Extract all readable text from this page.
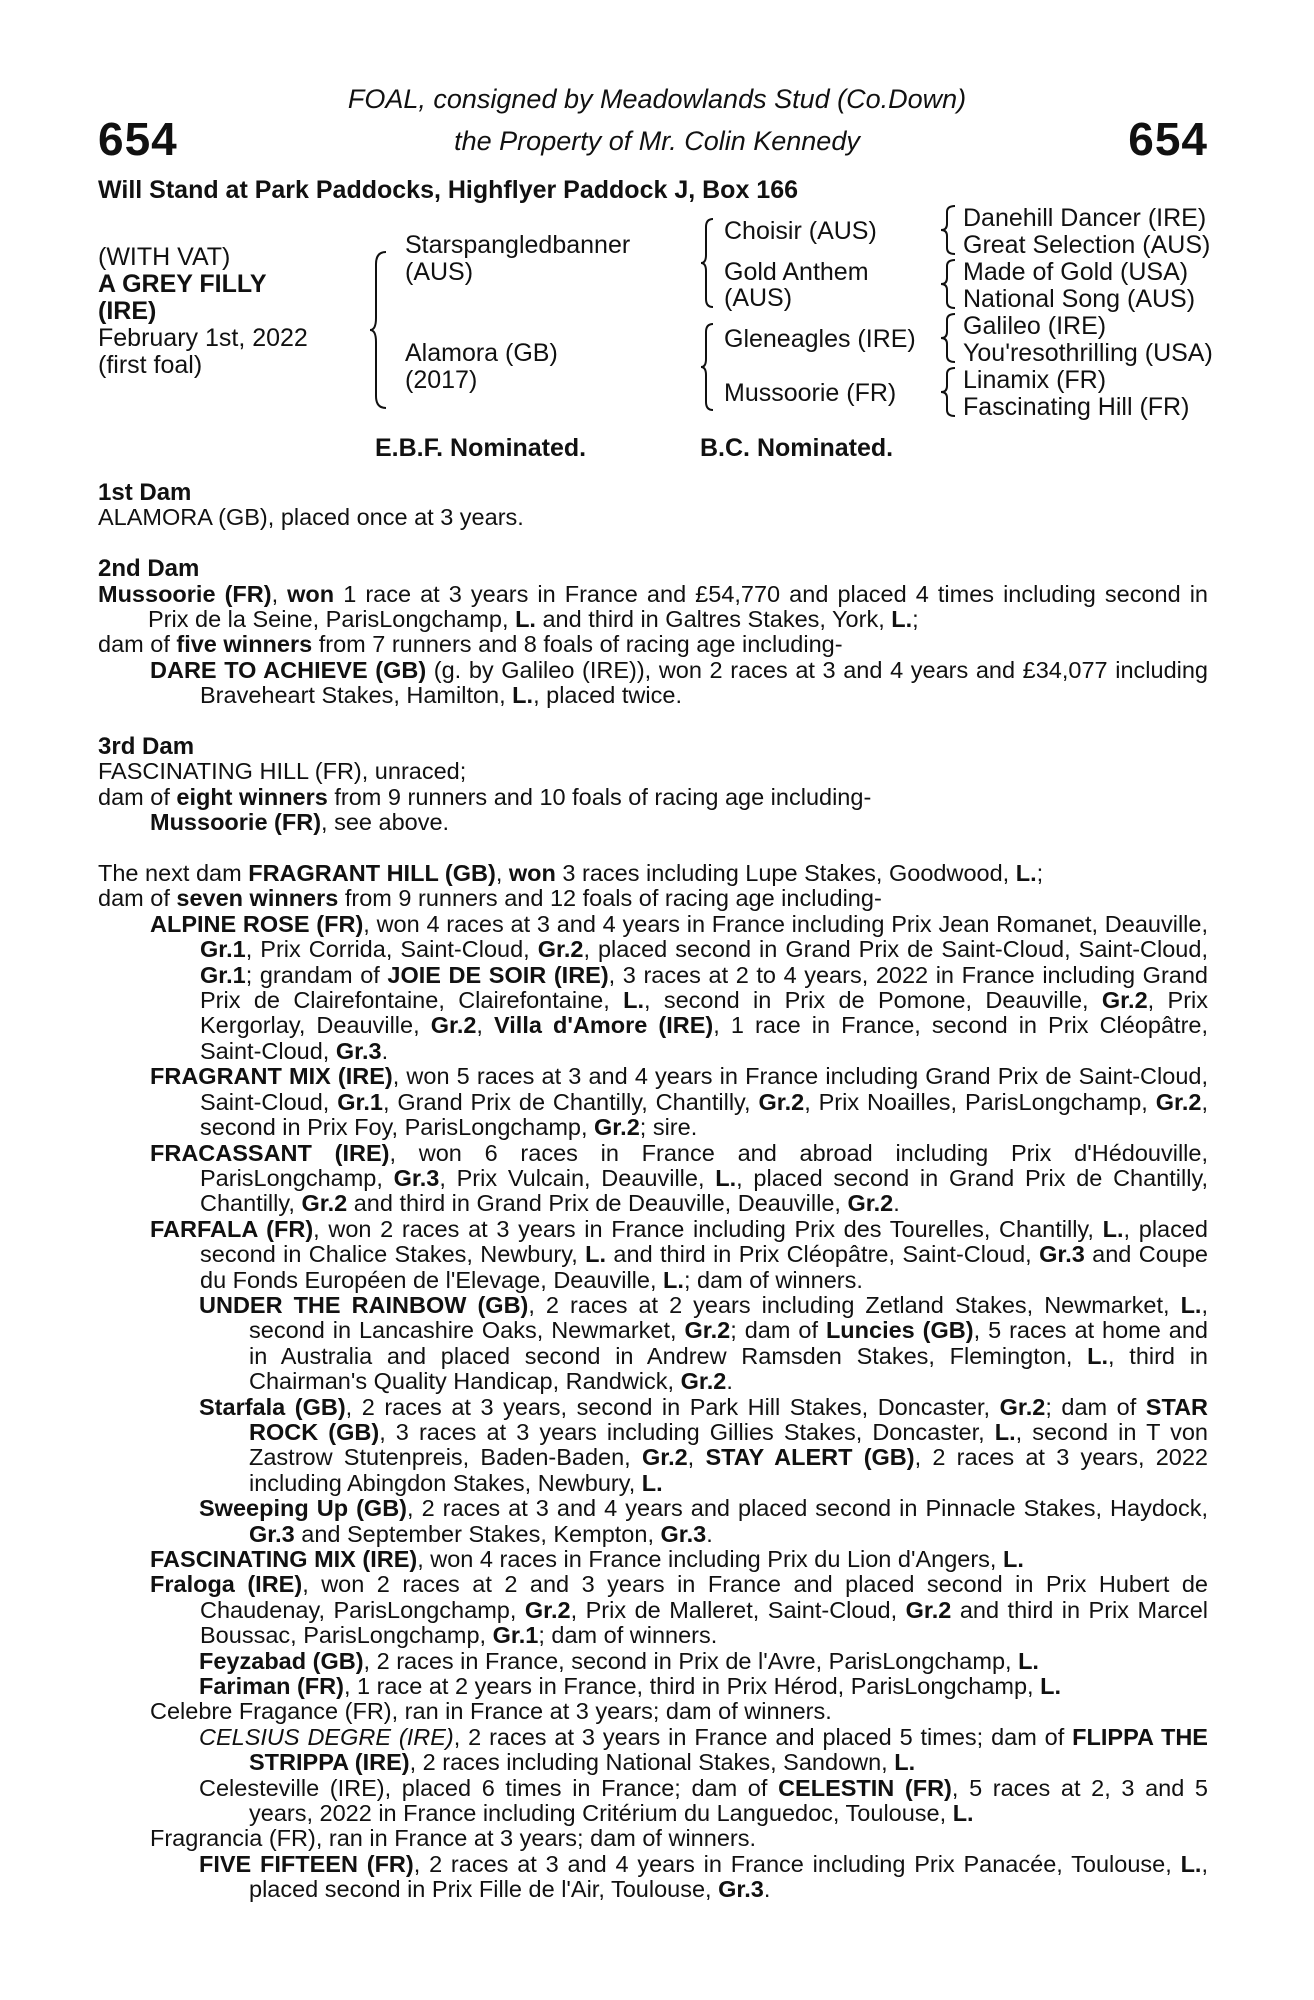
654	654
FOAL, consigned by Meadowlands Stud (Co.Down)
the Property of Mr. Colin Kennedy
Will Stand at Park Paddocks, Highflyer Paddock J, Box 166
(WITH VAT)
A GREY FILLY
(IRE)
February 1st, 2022
(first foal)
Starspangledbanner
(AUS)
Alamora (GB)
(2017)
Choisir (AUS)
Gold Anthem
(AUS)
Gleneagles (IRE)
Mussoorie (FR)
Danehill Dancer (IRE)
Great Selection (AUS)
Made of Gold (USA)
National Song (AUS)
Galileo (IRE)
You'resothrilling (USA)
Linamix (FR)
Fascinating Hill (FR)
E.B.F. Nominated.	B.C. Nominated.

1st Dam

ALAMORA (GB), placed once at 3 years.

2nd Dam

Mussoorie (FR), won 1 race at 3 years in France and £54,770 and placed 4 times including second in Prix de la Seine, ParisLongchamp, L. and third in Galtres Stakes, York, L.;

dam of five winners from 7 runners and 8 foals of racing age including-

DARE TO ACHIEVE (GB) (g. by Galileo (IRE)), won 2 races at 3 and 4 years and £34,077 including Braveheart Stakes, Hamilton, L., placed twice.

3rd Dam

FASCINATING HILL (FR), unraced;

dam of eight winners from 9 runners and 10 foals of racing age including-

Mussoorie (FR), see above.

The next dam FRAGRANT HILL (GB), won 3 races including Lupe Stakes, Goodwood, L.;

dam of seven winners from 9 runners and 12 foals of racing age including-

ALPINE ROSE (FR), won 4 races at 3 and 4 years in France including Prix Jean Romanet, Deauville, Gr.1, Prix Corrida, Saint-Cloud, Gr.2, placed second in Grand Prix de Saint-Cloud, Saint-Cloud, Gr.1; grandam of JOIE DE SOIR (IRE), 3 races at 2 to 4 years, 2022 in France including Grand Prix de Clairefontaine, Clairefontaine, L., second in Prix de Pomone, Deauville, Gr.2, Prix Kergorlay, Deauville, Gr.2, Villa d'Amore (IRE), 1 race in France, second in Prix Cléopâtre, Saint-Cloud, Gr.3.

FRAGRANT MIX (IRE), won 5 races at 3 and 4 years in France including Grand Prix de Saint-Cloud, Saint-Cloud, Gr.1, Grand Prix de Chantilly, Chantilly, Gr.2, Prix Noailles, ParisLongchamp, Gr.2, second in Prix Foy, ParisLongchamp, Gr.2; sire.

FRACASSANT (IRE), won 6 races in France and abroad including Prix d'Hédouville, ParisLongchamp, Gr.3, Prix Vulcain, Deauville, L., placed second in Grand Prix de Chantilly, Chantilly, Gr.2 and third in Grand Prix de Deauville, Deauville, Gr.2.

FARFALA (FR), won 2 races at 3 years in France including Prix des Tourelles, Chantilly, L., placed second in Chalice Stakes, Newbury, L. and third in Prix Cléopâtre, Saint-Cloud, Gr.3 and Coupe du Fonds Européen de l'Elevage, Deauville, L.; dam of winners.

UNDER THE RAINBOW (GB), 2 races at 2 years including Zetland Stakes, Newmarket, L., second in Lancashire Oaks, Newmarket, Gr.2; dam of Luncies (GB), 5 races at home and in Australia and placed second in Andrew Ramsden Stakes, Flemington, L., third in Chairman's Quality Handicap, Randwick, Gr.2.

Starfala (GB), 2 races at 3 years, second in Park Hill Stakes, Doncaster, Gr.2; dam of STAR ROCK (GB), 3 races at 3 years including Gillies Stakes, Doncaster, L., second in T von Zastrow Stutenpreis, Baden-Baden, Gr.2, STAY ALERT (GB), 2 races at 3 years, 2022 including Abingdon Stakes, Newbury, L.

Sweeping Up (GB), 2 races at 3 and 4 years and placed second in Pinnacle Stakes, Haydock, Gr.3 and September Stakes, Kempton, Gr.3.

FASCINATING MIX (IRE), won 4 races in France including Prix du Lion d'Angers, L.

Fraloga (IRE), won 2 races at 2 and 3 years in France and placed second in Prix Hubert de Chaudenay, ParisLongchamp, Gr.2, Prix de Malleret, Saint-Cloud, Gr.2 and third in Prix Marcel Boussac, ParisLongchamp, Gr.1; dam of winners.

Feyzabad (GB), 2 races in France, second in Prix de l'Avre, ParisLongchamp, L.

Fariman (FR), 1 race at 2 years in France, third in Prix Hérod, ParisLongchamp, L.

Celebre Fragance (FR), ran in France at 3 years; dam of winners.

CELSIUS DEGRE (IRE), 2 races at 3 years in France and placed 5 times; dam of FLIPPA THE STRIPPA (IRE), 2 races including National Stakes, Sandown, L.

Celesteville (IRE), placed 6 times in France; dam of CELESTIN (FR), 5 races at 2, 3 and 5 years, 2022 in France including Critérium du Languedoc, Toulouse, L.

Fragrancia (FR), ran in France at 3 years; dam of winners.

FIVE FIFTEEN (FR), 2 races at 3 and 4 years in France including Prix Panacée, Toulouse, L., placed second in Prix Fille de l'Air, Toulouse, Gr.3.
